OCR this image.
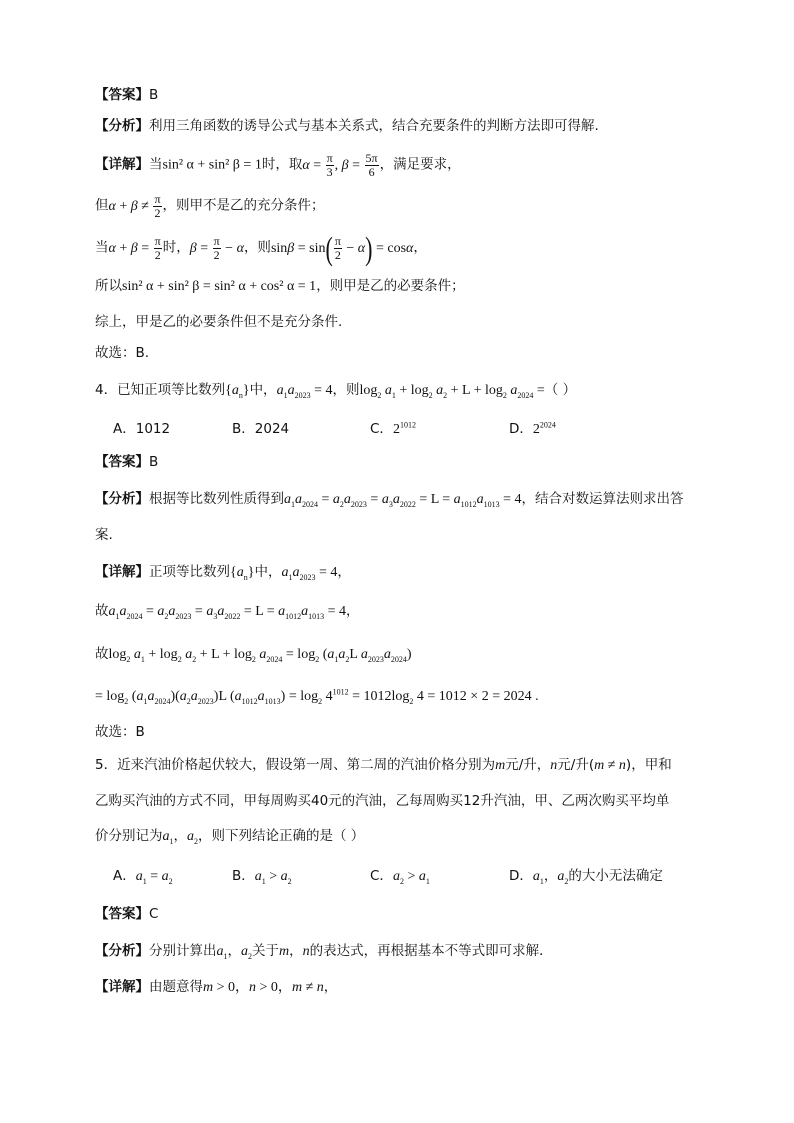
【答案】B
【分析】利用三角函数的诱导公式与基本关系式，结合充要条件的判断方法即可得解.
【详解】当sin² α + sin² β = 1时，取$\alpha = \frac{\pi}{3}$ , $\beta = \frac{5\pi}{6}$ ，满足要求，
但$\alpha + \beta \ne \frac{\pi}{2}$ ，则甲不是乙的充分条件；
当$\alpha + \beta = \frac{\pi}{2}$ 时，$\beta = \frac{\pi}{2} - \alpha$，则$\sin\beta = \sin( \frac{\pi}{2} - \alpha) = \cos\alpha$，
所以sin² α + sin² β = sin² α + cos² α = 1，则甲是乙的必要条件；
综上，甲是乙的必要条件但不是充分条件.
故选：B.
4．已知正项等比数列$\{a_n\}$中，$a_1a_{2023} = 4$，则$\log_2 a_1 + \log_2 a_2 + L + \log_2 a_{2024}$ =（ ）
A．1012	B．2024	C．$2^{1012}$	D．$2^{2024}$
【答案】B
【分析】根据等比数列性质得到$a_1a_{2024} = a_2a_{2023} = a_3a_{2022} = L = a_{1012}a_{1013} = 4$，结合对数运算法则求出答
案.
【详解】正项等比数列$\{a_n\}$中，$a_1a_{2023} = 4$，
故$a_1a_{2024} = a_2a_{2023} = a_3a_{2022} = L = a_{1012}a_{1013} = 4$，
故$\log_2 a_1 + \log_2 a_2 + L + \log_2 a_{2024} = \log_2 (a_1a_2L$ $a_{2023}a_{2024}$)
= $\log_2 (a_1a_{2024})(a_2a_{2023})L$ $(a_{1012}a_{1013}) = \log_2 4^{1012} = 1012\log_2$ 4 = 1012 × 2 = 2024 .
故选：B
5．近来汽油价格起伏较大，假设第一周、第二周的汽油价格分别为m元/升，n元/升(m ≠ n)，甲和
乙购买汽油的方式不同，甲每周购买40元的汽油，乙每周购买12升汽油，甲、乙两次购买平均单
价分别记为$a_1$，$a_2$，则下列结论正确的是（ ）
A．$a_1 = a_2$	B．$a_1 > a_2$	C．$a_2 > a_1$	D．$a_1$，$a_2$的大小无法确定
【答案】C
【分析】分别计算出$a_1$，$a_2$关于m，n的表达式，再根据基本不等式即可求解．
【详解】由题意得m > 0，n > 0，m ≠ n，
